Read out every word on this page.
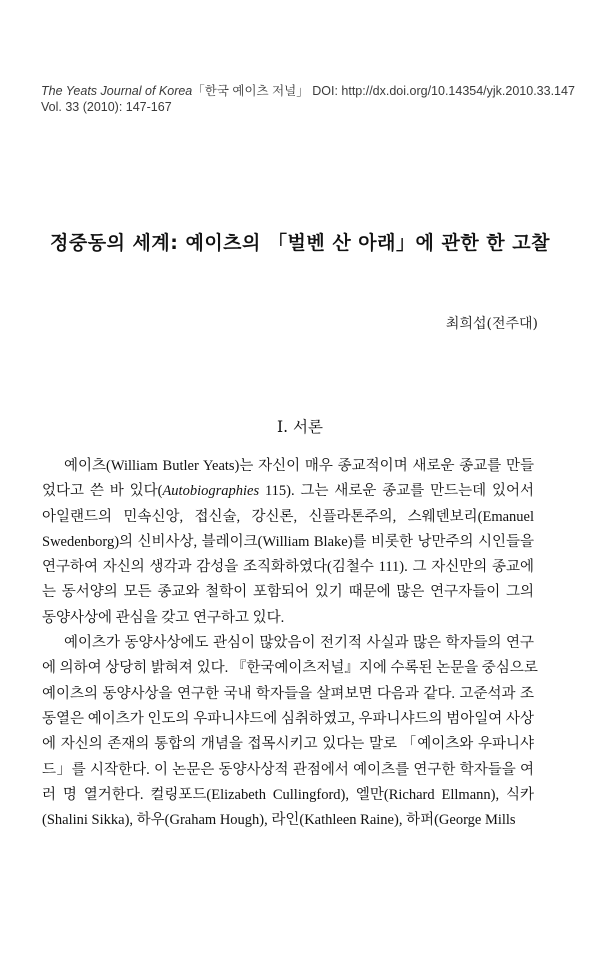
The Yeats Journal of Korea「한국 예이츠 저널」 DOI: http://dx.doi.org/10.14354/yjk.2010.33.147
Vol. 33 (2010): 147-167
정중동의 세계: 예이츠의 「벌벤 산 아래」에 관한 한 고찰
최희섭(전주대)
I. 서론
예이츠(William Butler Yeats)는 자신이 매우 종교적이며 새로운 종교를 만들
었다고 쓴 바 있다(Autobiographies 115). 그는 새로운 종교를 만드는데 있어서
아일랜드의 민속신앙, 접신술, 강신론, 신플라톤주의, 스웨덴보리(Emanuel
Swedenborg)의 신비사상, 블레이크(William Blake)를 비롯한 낭만주의 시인들을
연구하여 자신의 생각과 감성을 조직화하였다(김철수 111). 그 자신만의 종교에
는 동서양의 모든 종교와 철학이 포함되어 있기 때문에 많은 연구자들이 그의
동양사상에 관심을 갖고 연구하고 있다.
예이츠가 동양사상에도 관심이 많았음이 전기적 사실과 많은 학자들의 연구
에 의하여 상당히 밝혀져 있다. 『한국예이츠저널』지에 수록된 논문을 중심으로
예이츠의 동양사상을 연구한 국내 학자들을 살펴보면 다음과 같다. 고준석과 조
동열은 예이츠가 인도의 우파니샤드에 심취하였고, 우파니샤드의 범아일여 사상
에 자신의 존재의 통합의 개념을 접목시키고 있다는 말로 「예이츠와 우파니샤
드」를 시작한다. 이 논문은 동양사상적 관점에서 예이츠를 연구한 학자들을 여
러 명 열거한다. 컬링포드(Elizabeth Cullingford), 엘만(Richard Ellmann), 식카
(Shalini Sikka), 하우(Graham Hough), 라인(Kathleen Raine), 하퍼(George Mills
